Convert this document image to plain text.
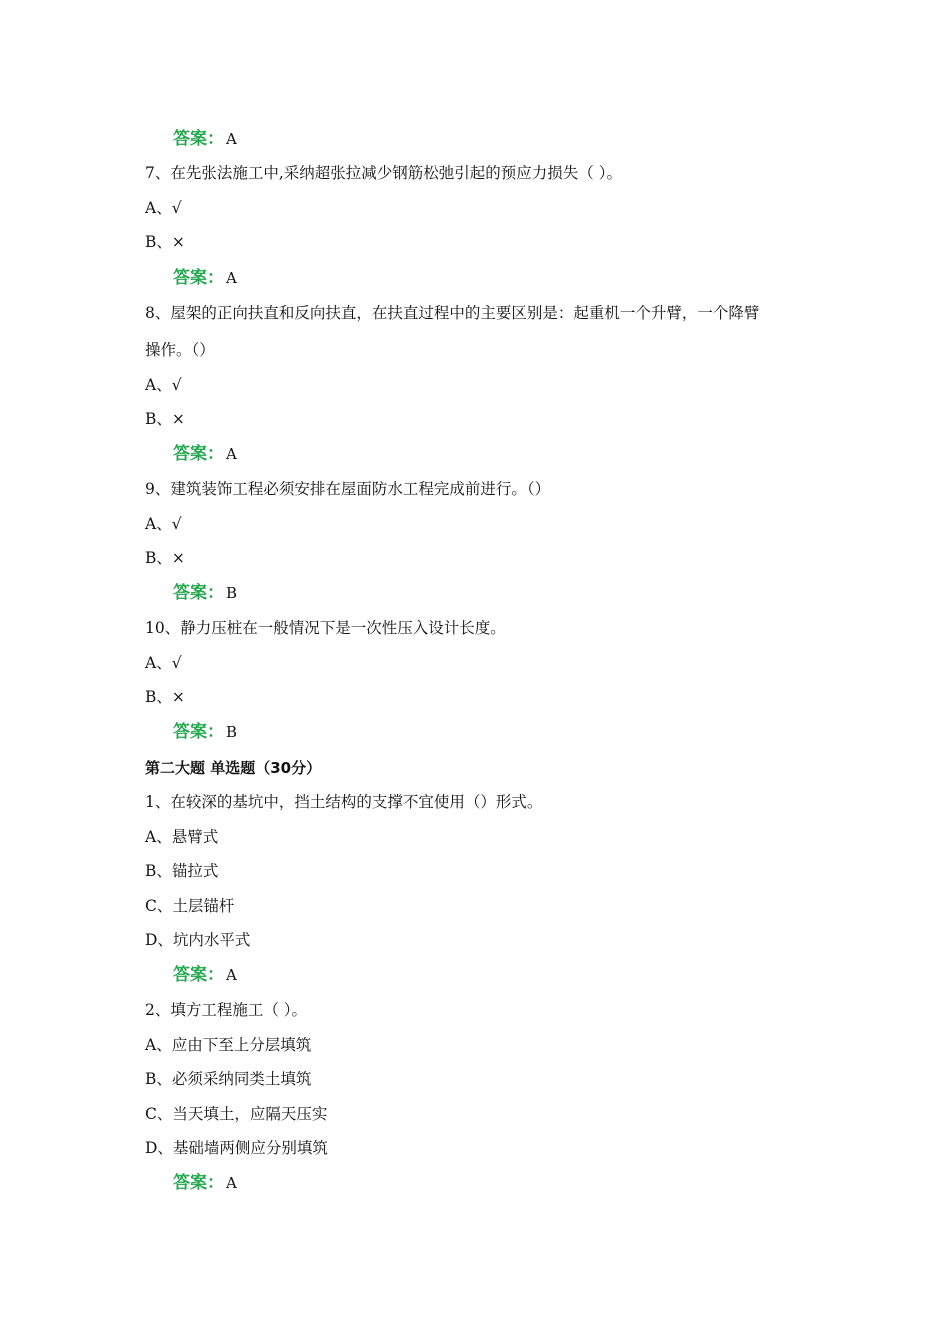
答案： A
7、在先张法施工中,采纳超张拉减少钢筋松弛引起的预应力损失（ ）。
A、√
B、×
答案： A
8、屋架的正向扶直和反向扶直，在扶直过程中的主要区别是：起重机一个升臂，一个降臂
操作。（）
A、√
B、×
答案： A
9、建筑装饰工程必须安排在屋面防水工程完成前进行。（）
A、√
B、×
答案： B
10、静力压桩在一般情况下是一次性压入设计长度。
A、√
B、×
答案： B
第二大题 单选题（30分）
1、在较深的基坑中，挡土结构的支撑不宜使用（）形式。
A、悬臂式
B、锚拉式
C、土层锚杆
D、坑内水平式
答案： A
2、填方工程施工（ ）。
A、应由下至上分层填筑
B、必须采纳同类土填筑
C、当天填土，应隔天压实
D、基础墙两侧应分别填筑
答案： A
